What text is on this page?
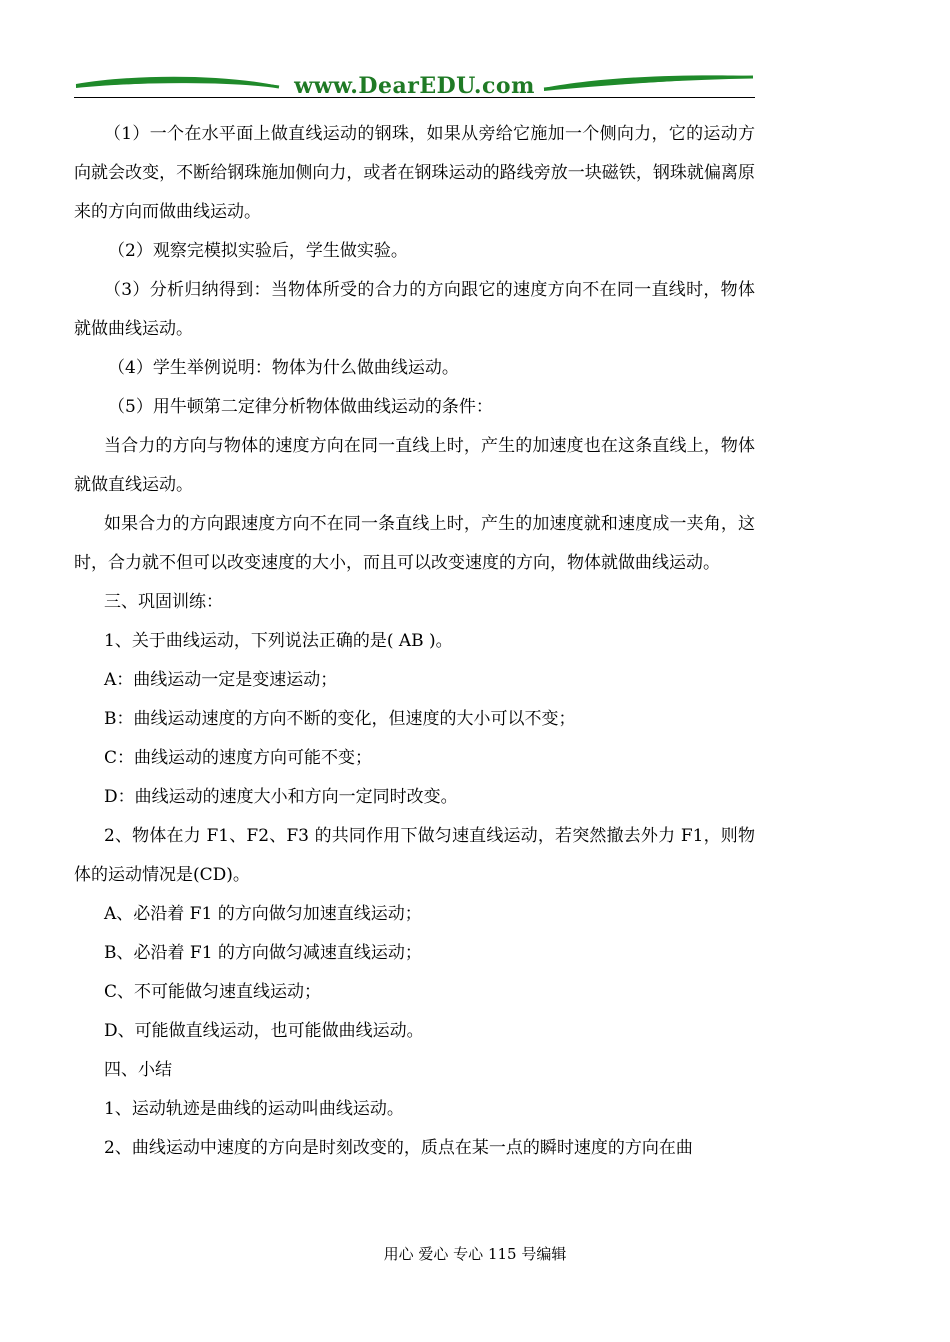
www.DearEDU.com

（1）一个在水平面上做直线运动的钢珠，如果从旁给它施加一个侧向力，它的运动方向就会改变，不断给钢珠施加侧向力，或者在钢珠运动的路线旁放一块磁铁，钢珠就偏离原来的方向而做曲线运动。

（2）观察完模拟实验后，学生做实验。

（3）分析归纳得到：当物体所受的合力的方向跟它的速度方向不在同一直线时，物体就做曲线运动。

（4）学生举例说明：物体为什么做曲线运动。

（5）用牛顿第二定律分析物体做曲线运动的条件：

当合力的方向与物体的速度方向在同一直线上时，产生的加速度也在这条直线上，物体就做直线运动。

如果合力的方向跟速度方向不在同一条直线上时，产生的加速度就和速度成一夹角，这时，合力就不但可以改变速度的大小，而且可以改变速度的方向，物体就做曲线运动。

三、巩固训练：

1、关于曲线运动，下列说法正确的是( AB )。

A：曲线运动一定是变速运动；

B：曲线运动速度的方向不断的变化，但速度的大小可以不变；

C：曲线运动的速度方向可能不变；

D：曲线运动的速度大小和方向一定同时改变。

2、物体在力 F1、F2、F3 的共同作用下做匀速直线运动，若突然撤去外力 F1，则物体的运动情况是(CD)。

A、必沿着 F1 的方向做匀加速直线运动；

B、必沿着 F1 的方向做匀减速直线运动；

C、不可能做匀速直线运动；

D、可能做直线运动，也可能做曲线运动。

四、小结

1、运动轨迹是曲线的运动叫曲线运动。

2、曲线运动中速度的方向是时刻改变的，质点在某一点的瞬时速度的方向在曲

用心 爱心 专心 115 号编辑
